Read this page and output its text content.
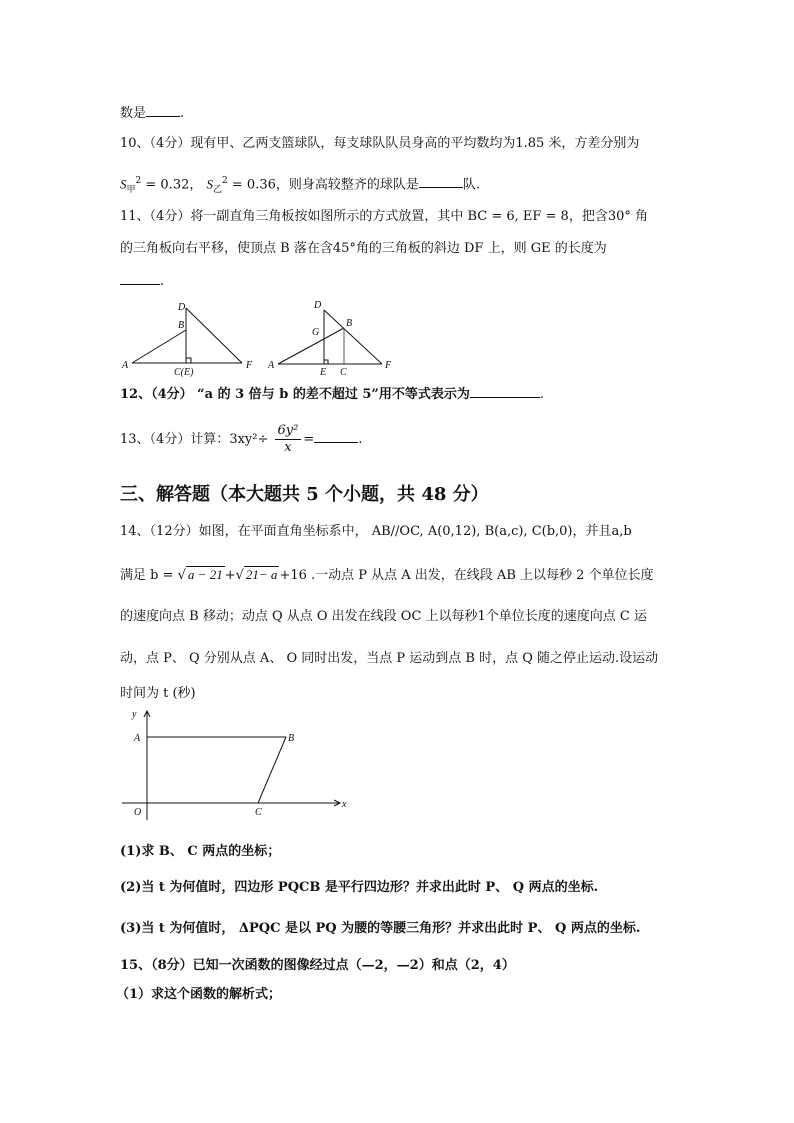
数是	.
10、（4分）现有甲、乙两支篮球队，每支球队队员身高的平均数均为1.85 米，方差分别为
$S_甲^2 = 0.32$， $S_乙^2 = 0.36$，则身高较整齐的球队是	队.
11、（4分）将一副直角三角板按如图所示的方式放置，其中 BC = 6, EF = 8，把含30° 角
的三角板向右平移，使顶点 B 落在含45°角的三角板的斜边 DF 上，则 GE 的长度为
.
D
B
A
C(E)
F
D
B
G
A
E C
F
12、（4分） “a 的 3 倍与 b 的差不超过 5”用不等式表示为	.
13、（4分）计算：$3xy^2\div \frac{\text{6y²}}{x}$ =	.
三、解答题（本大题共 5 个小题，共 48 分）
14、（12分）如图，在平面直角坐标系中， AB//OC, A(0,12), B(a,c), C(b,0)，并且a,b
满足 b = √ a − 21 +√ 21− a +16 .一动点 P 从点 A 出发，在线段 AB 上以每秒 2 个单位长度
的速度向点 B 移动；动点 Q 从点 O 出发在线段 OC 上以每秒1个单位长度的速度向点 C 运
动，点 P、 Q 分别从点 A、 O 同时出发，当点 P 运动到点 B 时，点 Q 随之停止运动.设运动
时间为 t (秒)
y
A	B
O	C
x
(1)求 B、 C 两点的坐标；
(2)当 t 为何值时，四边形 PQCB 是平行四边形？并求出此时 P、 Q 两点的坐标.
(3)当 t 为何值时， ΔPQC 是以 PQ 为腰的等腰三角形？并求出此时 P、 Q 两点的坐标.
15、（8分）已知一次函数的图像经过点（—2，—2）和点（2，4）
（1）求这个函数的解析式；
